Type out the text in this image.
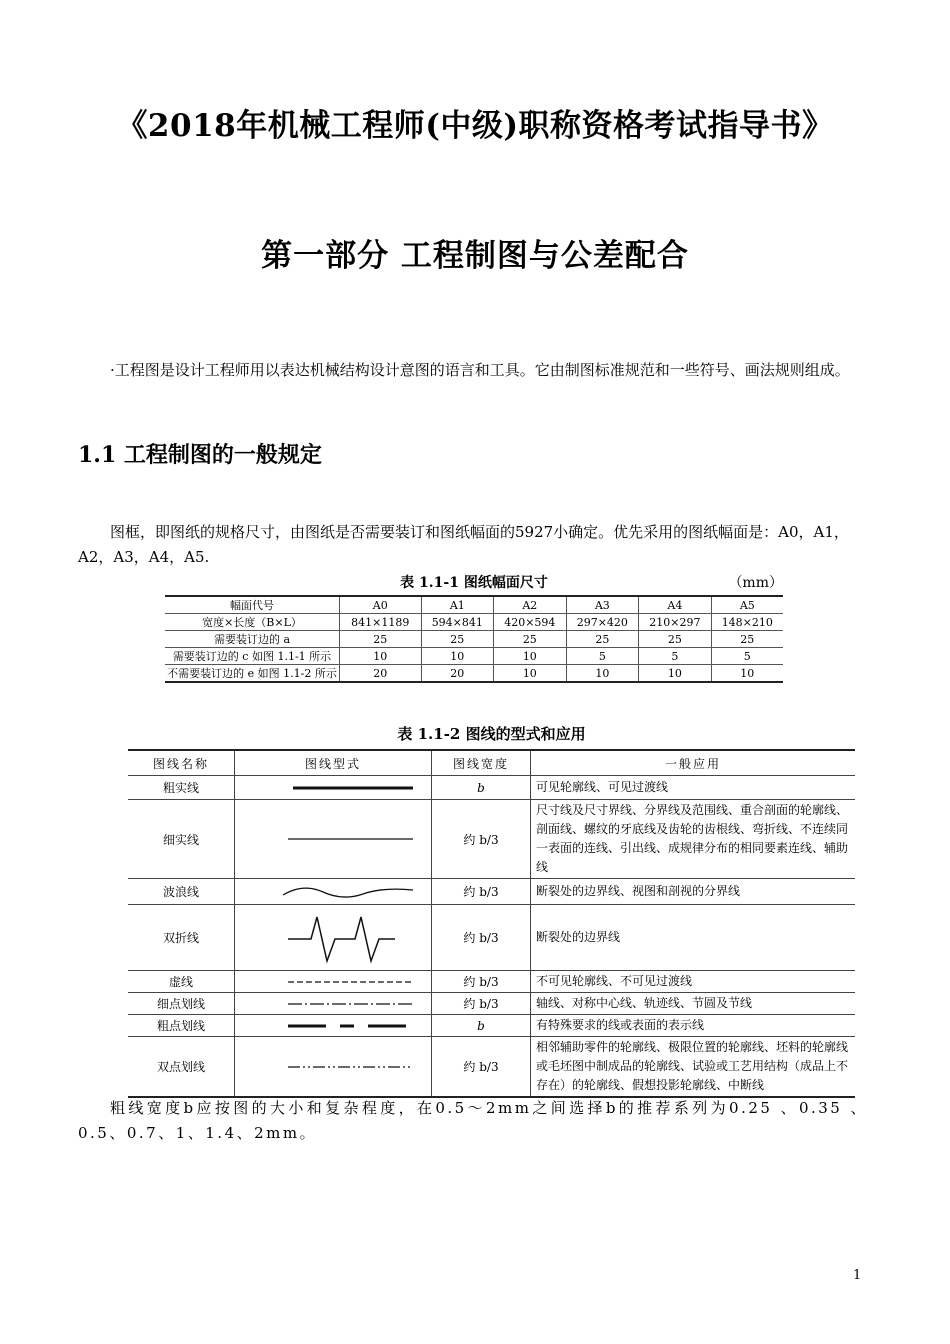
《2018年机械工程师(中级)职称资格考试指导书》
第一部分 工程制图与公差配合
·工程图是设计工程师用以表达机械结构设计意图的语言和工具。它由制图标准规范和一些符号、画法规则组成。
1.1 工程制图的一般规定
图框，即图纸的规格尺寸，由图纸是否需要装订和图纸幅面的5927小确定。优先采用的图纸幅面是：A0，A1，A2，A3，A4，A5.
表 1.1-1 图纸幅面尺寸	（mm）
幅面代号	A0	A1	A2	A3	A4	A5
宽度×长度（B×L）	841×1189	594×841	420×594	297×420	210×297	148×210
需要装订边的 a	25	25	25	25	25	25
需要装订边的 c 如图 1.1-1 所示	10	10	10	5	5	5
不需要装订边的 e 如图 1.1-2 所示	20	20	10	10	10	10
表 1.1-2 图线的型式和应用
图线名称	图线型式	图线宽度	一般应用
粗实线		b	可见轮廓线、可见过渡线
细实线		约 b/3	尺寸线及尺寸界线、分界线及范围线、重合剖面的轮廓线、剖面线、螺纹的牙底线及齿轮的齿根线、弯折线、不连续同一表面的连线、引出线、成规律分布的相同要素连线、辅助线
波浪线		约 b/3	断裂处的边界线、视图和剖视的分界线
双折线		约 b/3	断裂处的边界线
虚线		约 b/3	不可见轮廓线、不可见过渡线
细点划线		约 b/3	轴线、对称中心线、轨迹线、节圆及节线
粗点划线		b	有特殊要求的线或表面的表示线
双点划线		约 b/3	相邻辅助零件的轮廓线、极限位置的轮廓线、坯料的轮廓线或毛坯图中制成品的轮廓线、试验或工艺用结构（成品上不存在）的轮廓线、假想投影轮廓线、中断线
粗线宽度b应按图的大小和复杂程度，在0.5～2mm之间选择b的推荐系列为0.25 、0.35 、0.5、0.7、1、1.4、2mm。
1
